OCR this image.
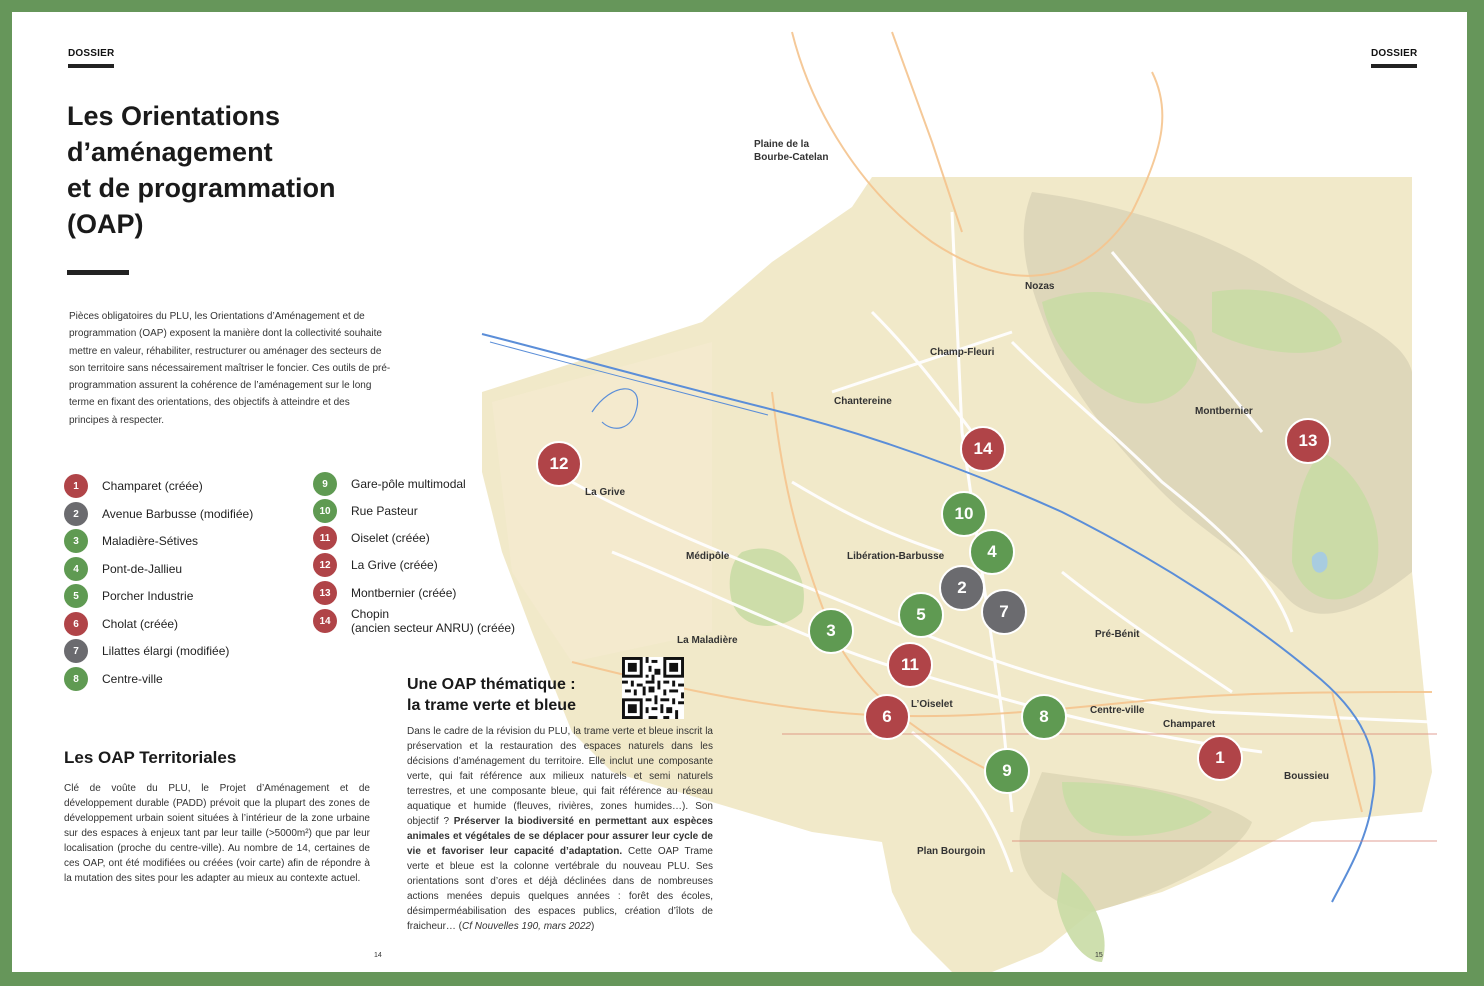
Plaine de la
Bourbe-Catelan
Nozas
Champ-Fleuri
Chantereine
Montbernier
La Grive
Médipôle	Libération-Barbusse
Pré-Bénit
La Maladière
L’Oiselet
Centre-ville
Champaret
Boussieu
Plan Bourgoin
1
2
3
4
5
6
7
8
9
10
11
12
13
14
DOSSIER	DOSSIER
Les Orientations
d’aménagement
et de programmation
(OAP)
Pièces obligatoires du PLU, les Orientations d’Aménagement et de programmation (OAP) exposent la manière dont la collectivité souhaite mettre en valeur, réhabiliter, restructurer ou aménager des secteurs de son territoire sans nécessairement maîtriser le foncier. Ces outils de pré-programmation assurent la cohérence de l’aménagement sur le long terme en fixant des orientations, des objectifs à atteindre et des principes à respecter.
1	Champaret (créée)
2	Avenue Barbusse (modifiée)
3	Maladière-Sétives
4	Pont-de-Jallieu
5	Porcher Industrie
6	Cholat (créée)
7	Lilattes élargi (modifiée)
8	Centre-ville
9	Gare-pôle multimodal
10	Rue Pasteur
11	Oiselet (créée)
12	La Grive (créée)
13	Montbernier (créée)
14	Chopin
(ancien secteur ANRU) (créée)
Les OAP Territoriales
Clé de voûte du PLU, le Projet d’Aménagement et de développement durable (PADD) prévoit que la plupart des zones de développement urbain soient situées à l’intérieur de la zone urbaine sur des espaces à enjeux tant par leur taille (>5000m²) que par leur localisation (proche du centre-ville). Au nombre de 14, certaines de ces OAP, ont été modifiées ou créées (voir carte) afin de répondre à la mutation des sites pour les adapter au mieux au contexte actuel.
Une OAP thématique :
la trame verte et bleue
Dans le cadre de la révision du PLU, la trame verte et bleue inscrit la préservation et la restauration des espaces naturels dans les décisions d’aménagement du territoire. Elle inclut une composante verte, qui fait référence aux milieux naturels et semi naturels terrestres, et une composante bleue, qui fait référence au réseau aquatique et humide (fleuves, rivières, zones humides…). Son objectif ? Préserver la biodiversité en permettant aux espèces animales et végétales de se déplacer pour assurer leur cycle de vie et favoriser leur capacité d’adaptation. Cette OAP Trame verte et bleue est la colonne vertébrale du nouveau PLU. Ses orientations sont d’ores et déjà déclinées dans de nombreuses actions menées depuis quelques années : forêt des écoles, désimperméabilisation des espaces publics, création d’îlots de fraicheur… (Cf Nouvelles 190, mars 2022)
14	15
